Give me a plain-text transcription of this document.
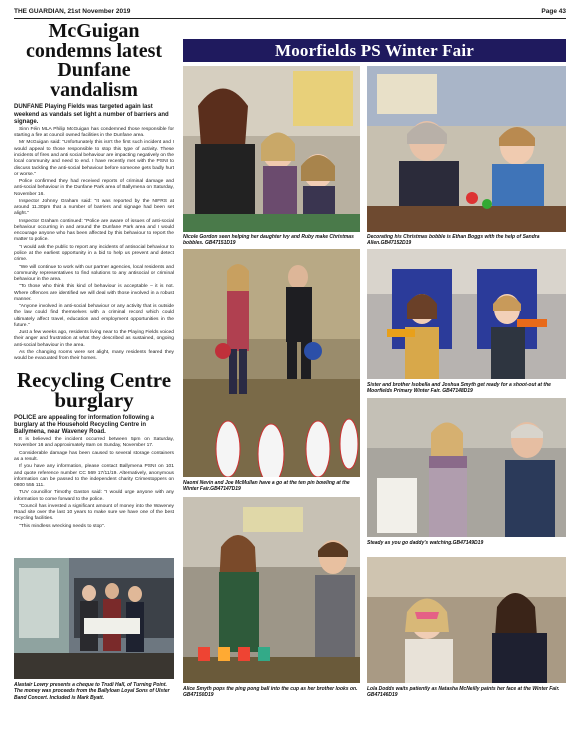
THE GUARDIAN, 21st November 2019	Page 43
McGuigan condemns latest Dunfane vandalism
DUNFANE Playing Fields was targeted again last weekend as vandals set light a number of barriers and signage.

Sinn Féin MLA Philip McGuigan has condemned those responsible for starting a fire at council owned facilities in the Dunfane area.

Mr McGuigan said: "Unfortunately this isn't the first such incident and I would appeal to those responsible to stop this type of activity. These incidents of fires and anti social behaviour are impacting negatively on the local community and need to end. I have recently met with the PSNI to discuss tackling the anti-social behaviour before someone gets badly hurt or worse."

Police confirmed they had received reports of criminal damage and anti-social behaviour in the Dunfane Park area of Ballymena on Saturday, November 16.

Inspector Johnny Graham said: "It was reported by the NIFRS at around 11.30pm that a number of barriers and signage had been set alight."

Inspector Graham continued: "Police are aware of issues of anti-social behaviour occurring in and around the Dunfane Park area and I would encourage anyone who has been affected by this behaviour to report the matter to police.

"I would ask the public to report any incidents of antisocial behaviour to police at the earliest opportunity in a bid to help us prevent and detect crime.

"We will continue to work with our partner agencies, local residents and community representatives to find solutions to any antisocial or criminal behaviour in the area.

"To those who think this kind of behaviour is acceptable – it is not. Where offences are identified we will deal with those involved in a robust manner.

"Anyone involved in anti-social behaviour or any activity that is outside the law could find themselves with a criminal record which could ultimately affect travel, education and employment opportunities in the future."

Just a few weeks ago, residents living near to the Playing Fields voiced their anger and frustration at what they described as sustained, ongoing anti-social behaviour in the area.

As the changing rooms were set alight, many residents feared they would be evacuated from their homes.

Recycling Centre burglary
POLICE are appealing for information following a burglary at the Household Recycling Centre in Ballymena, near Waveney Road.

It is believed the incident occurred between 5pm on Saturday, November 16 and approximately 8am on Sunday, November 17.

Considerable damage has been caused to several storage containers as a result.

If you have any information, please contact Ballymena PSNI on 101 and quote reference number CC 569 17/11/19. Alternatively, anonymous information can be passed to the independent charity Crimestoppers on 0800 555 111.

TUV councillor Timothy Gaston said: "I would urge anyone with any information to come forward to the police.

"Council has invested a significant amount of money into the Waveney Road site over the last 10 years to make sure we have one of the best recycling facilities.

"This mindless wrecking needs to stop".

Alastair Lowry presents a cheque to Trudi Hall, of Turning Point. The money was proceeds from the Ballyloan Loyal Sons of Ulster Band Concert. Included is Mark Byatt.
Moorfields PS Winter Fair
Nicole Gordon seen helping her daughter Ivy and Ruby make Christmas bobbles. GB47151D19
Decorating his Christmas bobble is Ethan Boggs with the help of Sandra Allen.GB47152D19
Naomi Nevin and Joe McMullan have a go at the ten pin bowling at the Winter Fair.GB47147D19
Sister and brother Isobella and Joshua Smyth get ready for a shoot-out at the Moorfields Primary Winter Fair. GB47148D19
Steady as you go daddy's watching.GB47149D19
Alice Smyth pops the ping pong ball into the cup as her brother looks on. GB47150D19
Lola Dodds waits patiently as Natasha McNeilly paints her face at the Winter Fair. GB47146D19
